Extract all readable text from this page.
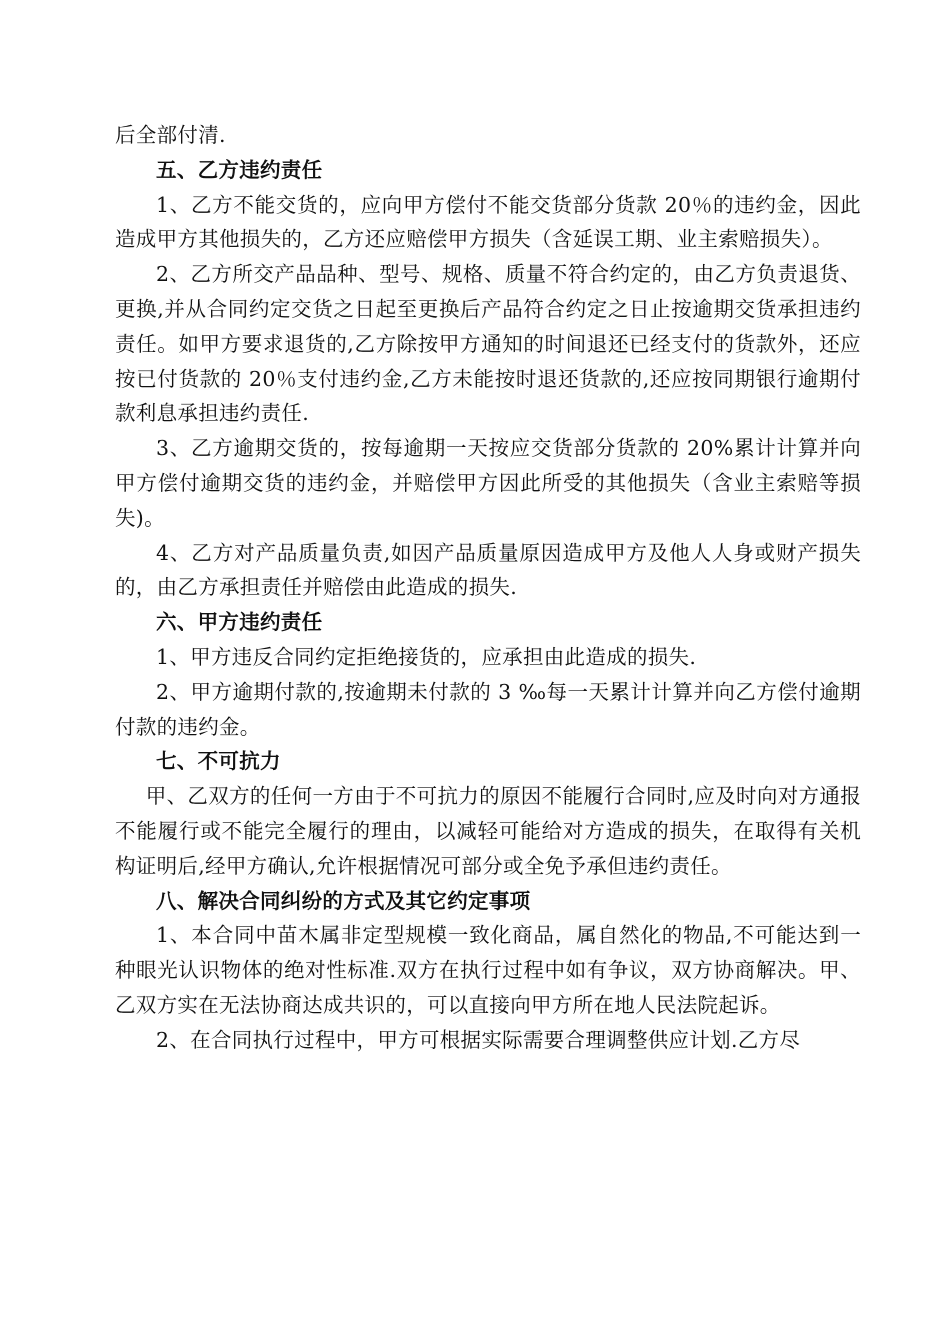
后全部付清.

五、乙方违约责任

1、乙方不能交货的，应向甲方偿付不能交货部分货款 20％的违约金，因此造成甲方其他损失的，乙方还应赔偿甲方损失（含延误工期、业主索赔损失）。

2、乙方所交产品品种、型号、规格、质量不符合约定的，由乙方负责退货、更换,并从合同约定交货之日起至更换后产品符合约定之日止按逾期交货承担违约责任。如甲方要求退货的,乙方除按甲方通知的时间退还已经支付的货款外，还应按已付货款的 20％支付违约金,乙方未能按时退还货款的,还应按同期银行逾期付款利息承担违约责任.

3、乙方逾期交货的，按每逾期一天按应交货部分货款的 20%累计计算并向甲方偿付逾期交货的违约金，并赔偿甲方因此所受的其他损失（含业主索赔等损失)。

4、乙方对产品质量负责,如因产品质量原因造成甲方及他人人身或财产损失的，由乙方承担责任并赔偿由此造成的损失.

六、甲方违约责任

1、甲方违反合同约定拒绝接货的，应承担由此造成的损失.

2、甲方逾期付款的,按逾期未付款的 3 ‰每一天累计计算并向乙方偿付逾期付款的违约金。

七、不可抗力

甲、乙双方的任何一方由于不可抗力的原因不能履行合同时,应及时向对方通报不能履行或不能完全履行的理由，以减轻可能给对方造成的损失，在取得有关机构证明后,经甲方确认,允许根据情况可部分或全免予承但违约责任。

八、解决合同纠纷的方式及其它约定事项

1、本合同中苗木属非定型规模一致化商品，属自然化的物品,不可能达到一种眼光认识物体的绝对性标准.双方在执行过程中如有争议，双方协商解决。甲、乙双方实在无法协商达成共识的，可以直接向甲方所在地人民法院起诉。

2、在合同执行过程中，甲方可根据实际需要合理调整供应计划.乙方尽
